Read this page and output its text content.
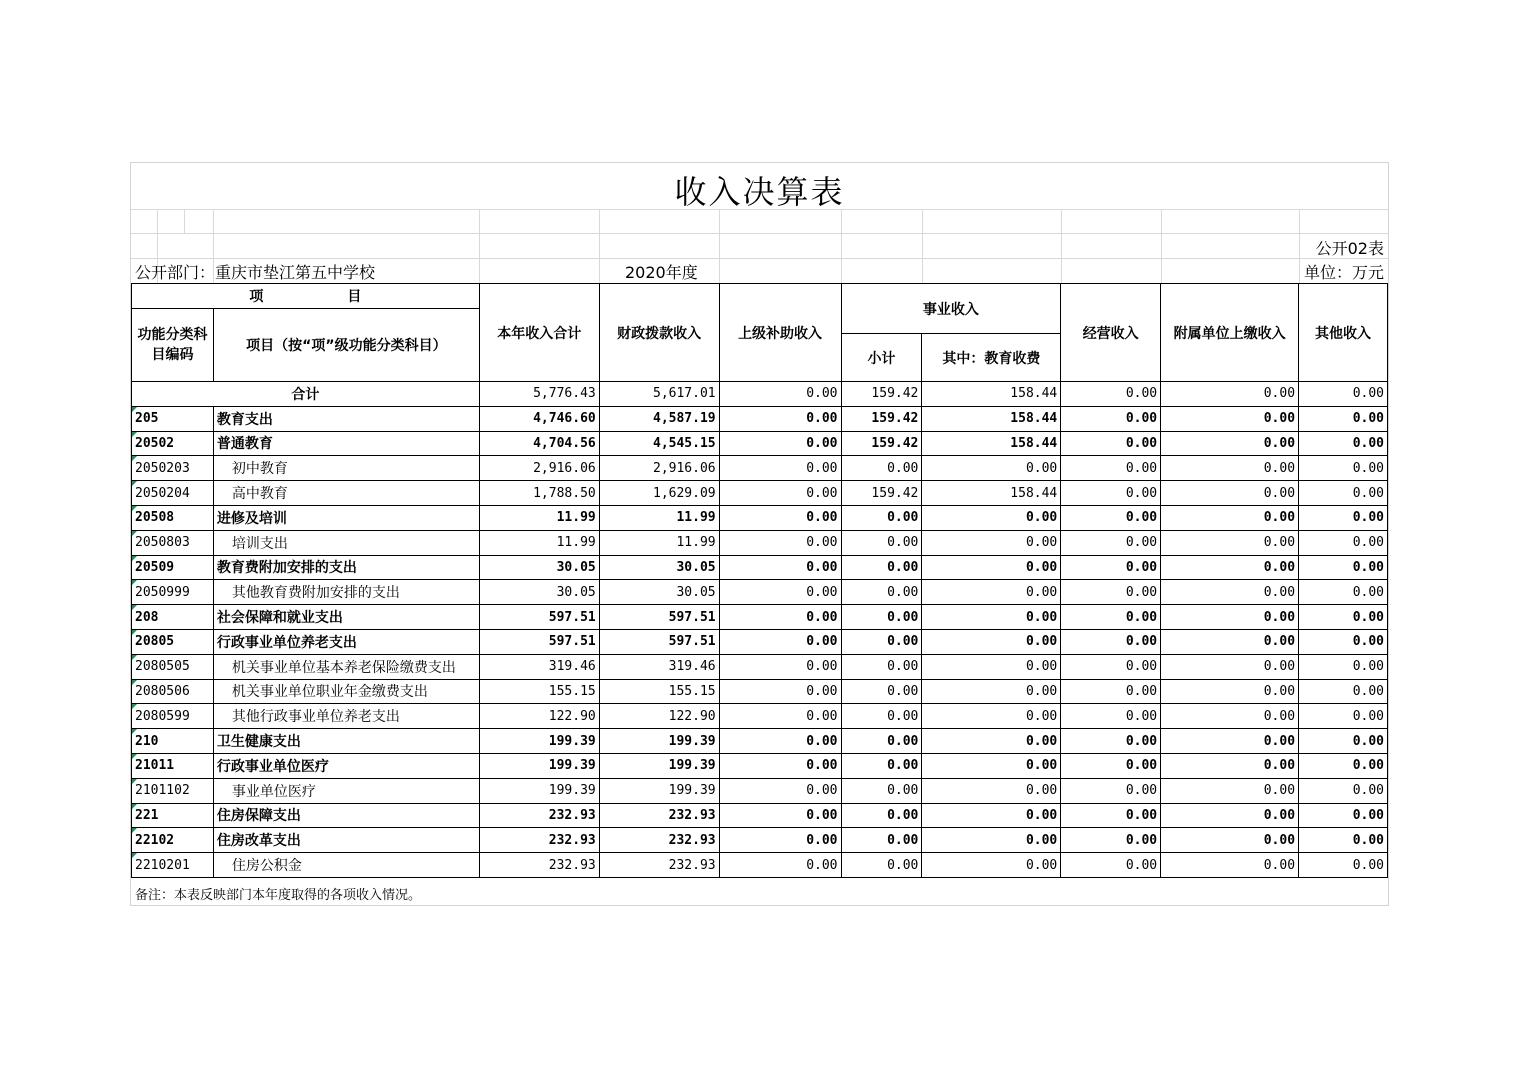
收入决算表
公开02表
公开部门：重庆市垫江第五中学校	2020年度	单位：万元
项　　　　　　目		本年收入合计	财政拨款收入	上级补助收入	事业收入		经营收入	附属单位上缴收入	其他收入
功能分类科目编码	项目（按“项”级功能分类科目）								
					小计	其中：教育收费			
合计		5,776.43	5,617.01	0.00	159.42	158.44	0.00	0.00	0.00
205	教育支出	4,746.60	4,587.19	0.00	159.42	158.44	0.00	0.00	0.00
20502	普通教育	4,704.56	4,545.15	0.00	159.42	158.44	0.00	0.00	0.00
2050203	初中教育	2,916.06	2,916.06	0.00	0.00	0.00	0.00	0.00	0.00
2050204	高中教育	1,788.50	1,629.09	0.00	159.42	158.44	0.00	0.00	0.00
20508	进修及培训	11.99	11.99	0.00	0.00	0.00	0.00	0.00	0.00
2050803	培训支出	11.99	11.99	0.00	0.00	0.00	0.00	0.00	0.00
20509	教育费附加安排的支出	30.05	30.05	0.00	0.00	0.00	0.00	0.00	0.00
2050999	其他教育费附加安排的支出	30.05	30.05	0.00	0.00	0.00	0.00	0.00	0.00
208	社会保障和就业支出	597.51	597.51	0.00	0.00	0.00	0.00	0.00	0.00
20805	行政事业单位养老支出	597.51	597.51	0.00	0.00	0.00	0.00	0.00	0.00
2080505	机关事业单位基本养老保险缴费支出	319.46	319.46	0.00	0.00	0.00	0.00	0.00	0.00
2080506	机关事业单位职业年金缴费支出	155.15	155.15	0.00	0.00	0.00	0.00	0.00	0.00
2080599	其他行政事业单位养老支出	122.90	122.90	0.00	0.00	0.00	0.00	0.00	0.00
210	卫生健康支出	199.39	199.39	0.00	0.00	0.00	0.00	0.00	0.00
21011	行政事业单位医疗	199.39	199.39	0.00	0.00	0.00	0.00	0.00	0.00
2101102	事业单位医疗	199.39	199.39	0.00	0.00	0.00	0.00	0.00	0.00
221	住房保障支出	232.93	232.93	0.00	0.00	0.00	0.00	0.00	0.00
22102	住房改革支出	232.93	232.93	0.00	0.00	0.00	0.00	0.00	0.00
2210201	住房公积金	232.93	232.93	0.00	0.00	0.00	0.00	0.00	0.00
备注：本表反映部门本年度取得的各项收入情况。
